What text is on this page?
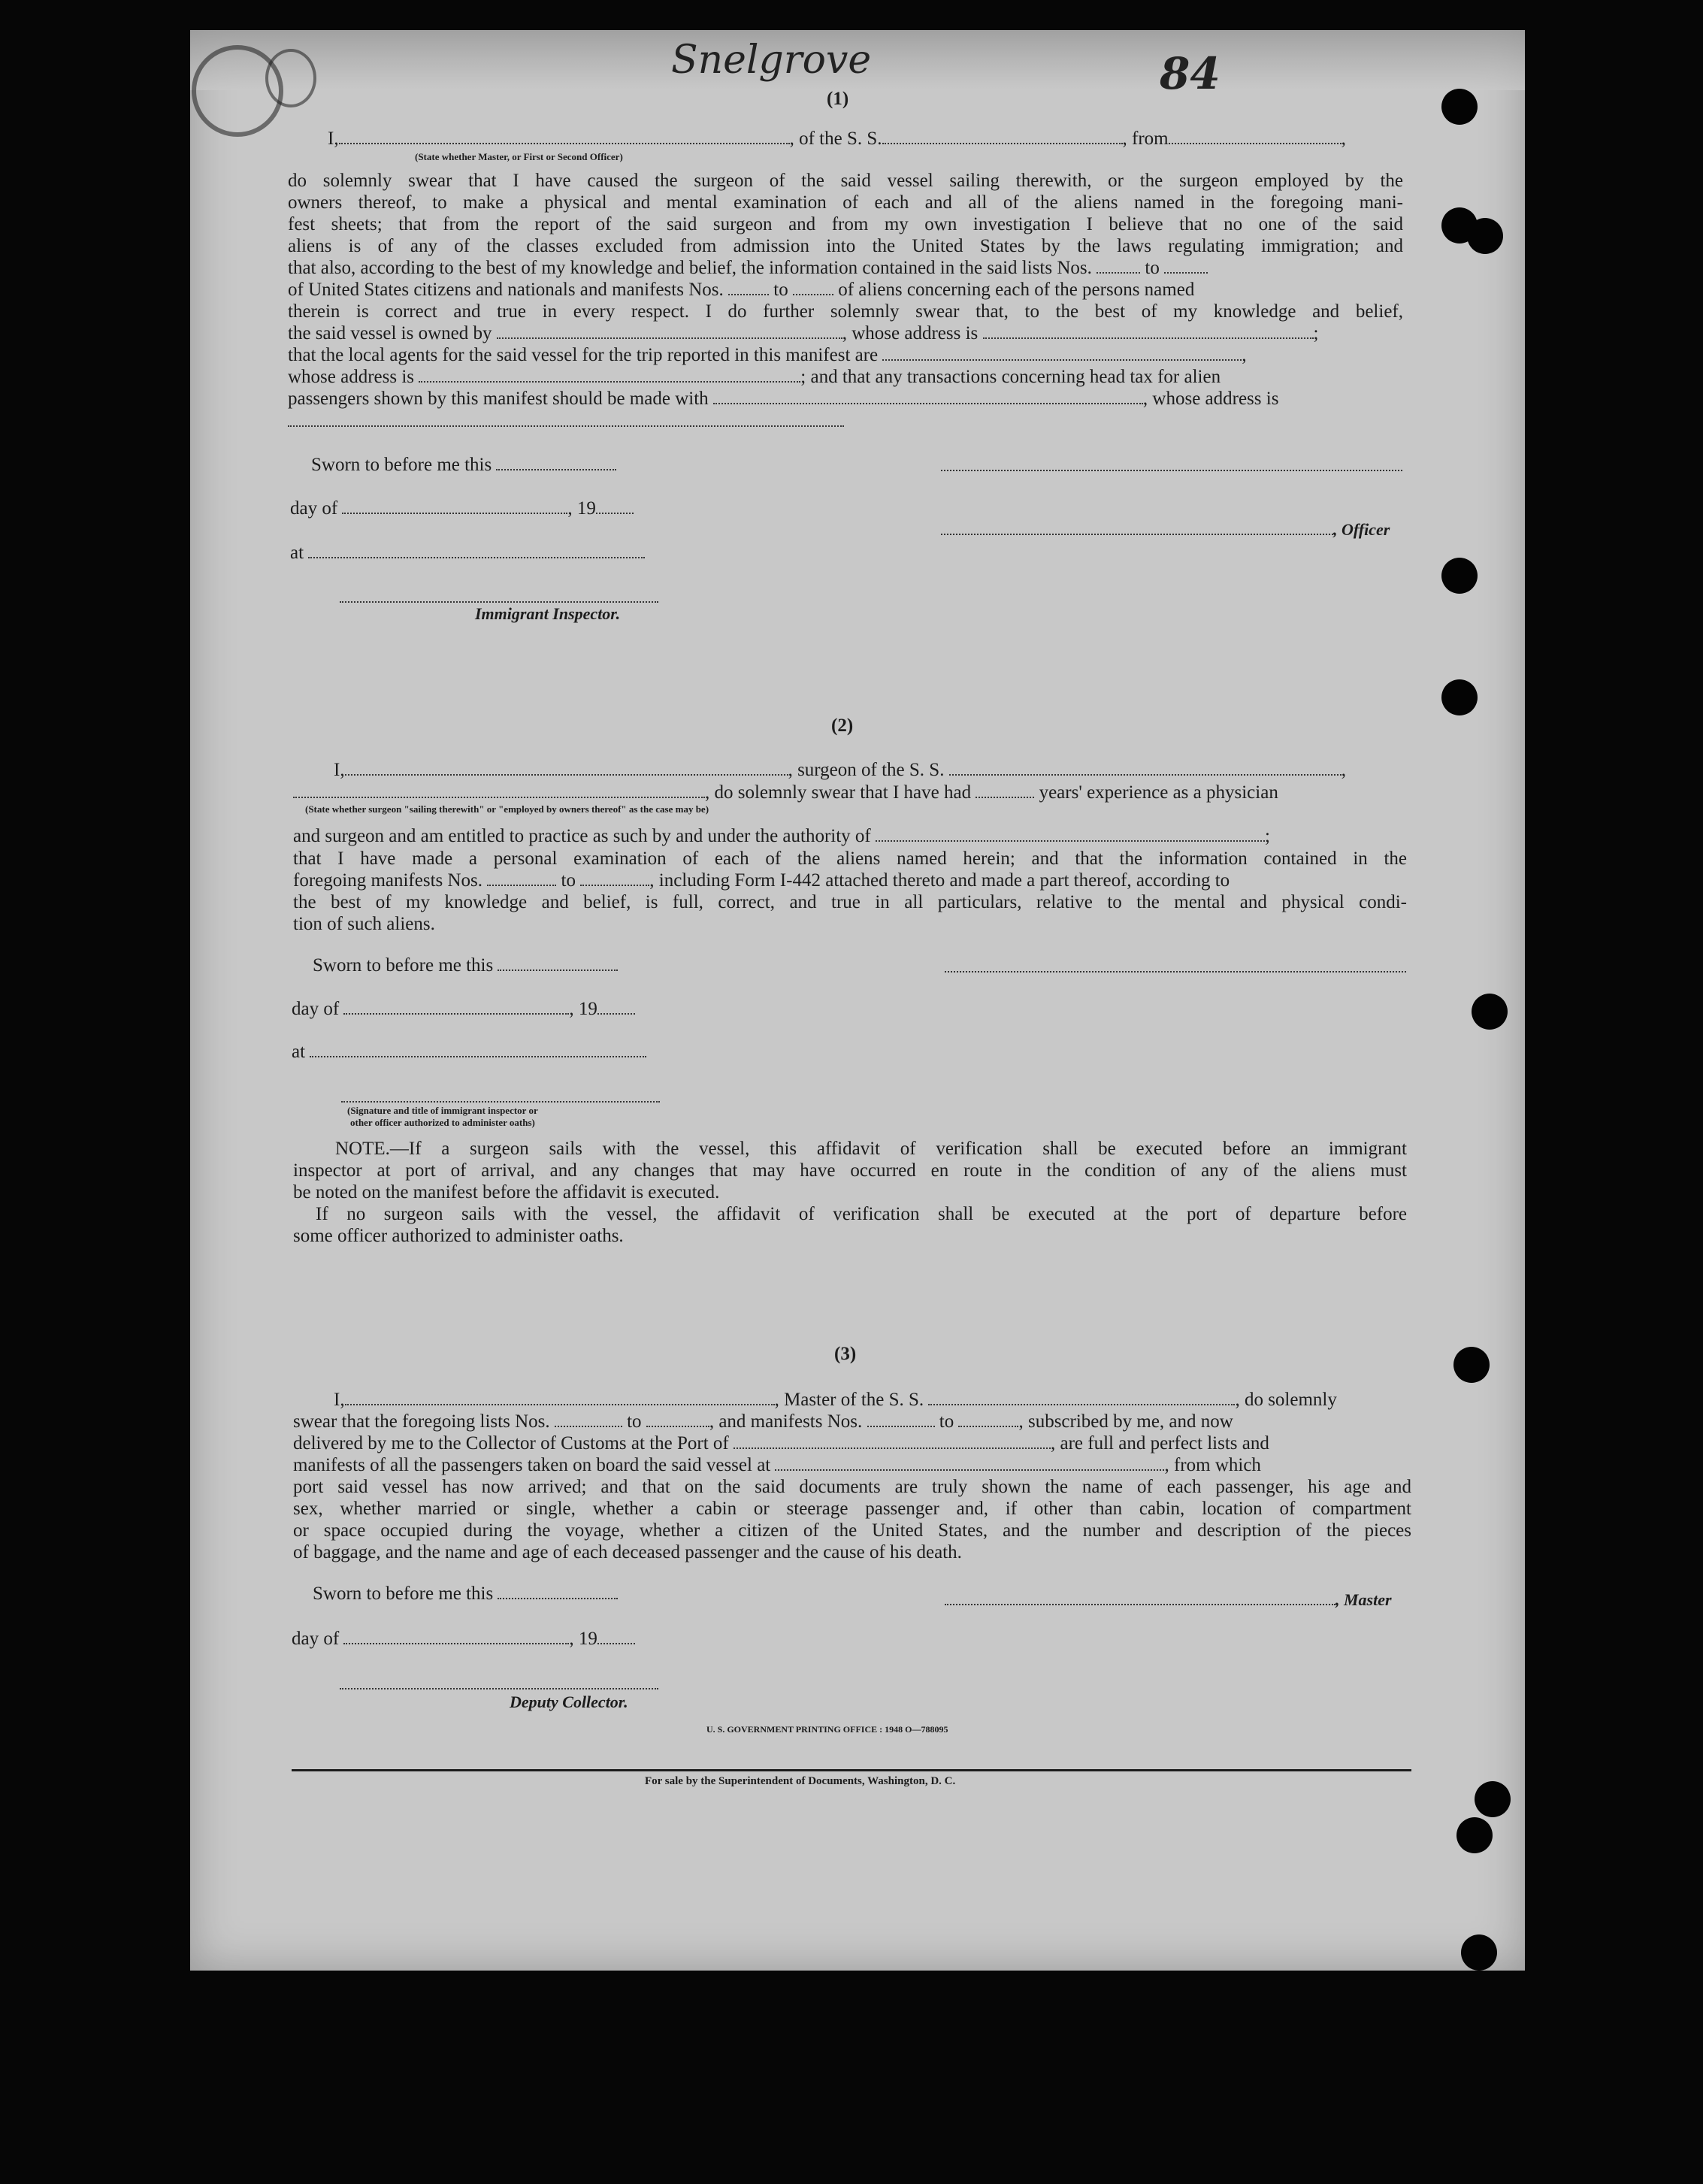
Snelgrove	84
(1)
I,	, of the S. S.	, from	,
(State whether Master, or First or Second Officer)
do solemnly swear that I have caused the surgeon of the said vessel sailing therewith, or the surgeon employed by the
owners thereof, to make a physical and mental examination of each and all of the aliens named in the foregoing mani-
fest sheets; that from the report of the said surgeon and from my own investigation I believe that no one of the said
aliens is of any of the classes excluded from admission into the United States by the laws regulating immigration; and
that also, according to the best of my knowledge and belief, the information contained in the said lists Nos.	to
of United States citizens and nationals and manifests Nos.	to	of aliens concerning each of the persons named
therein is correct and true in every respect. I do further solemnly swear that, to the best of my knowledge and belief,
the said vessel is owned by	, whose address is	;
that the local agents for the said vessel for the trip reported in this manifest are	,
whose address is	; and that any transactions concerning head tax for alien
passengers shown by this manifest should be made with	, whose address is
Sworn to before me this
day of	, 19
, Officer
at
Immigrant Inspector.
(2)
I,	, surgeon of the S. S.	,
, do solemnly swear that I have had	years' experience as a physician
(State whether surgeon "sailing therewith" or "employed by owners thereof" as the case may be)
and surgeon and am entitled to practice as such by and under the authority of	;
that I have made a personal examination of each of the aliens named herein; and that the information contained in the
foregoing manifests Nos.	to	, including Form I-442 attached thereto and made a part thereof, according to
the best of my knowledge and belief, is full, correct, and true in all particulars, relative to the mental and physical condi-
tion of such aliens.
Sworn to before me this
day of	, 19
at
(Signature and title of immigrant inspector or
other officer authorized to administer oaths)
NOTE.—If a surgeon sails with the vessel, this affidavit of verification shall be executed before an immigrant
inspector at port of arrival, and any changes that may have occurred en route in the condition of any of the aliens must
be noted on the manifest before the affidavit is executed.
If no surgeon sails with the vessel, the affidavit of verification shall be executed at the port of departure before
some officer authorized to administer oaths.
(3)
I,	, Master of the S. S.	, do solemnly
swear that the foregoing lists Nos.	to	, and manifests Nos.	to	, subscribed by me, and now
delivered by me to the Collector of Customs at the Port of	, are full and perfect lists and
manifests of all the passengers taken on board the said vessel at	, from which
port said vessel has now arrived; and that on the said documents are truly shown the name of each passenger, his age and
sex, whether married or single, whether a cabin or steerage passenger and, if other than cabin, location of compartment
or space occupied during the voyage, whether a citizen of the United States, and the number and description of the pieces
of baggage, and the name and age of each deceased passenger and the cause of his death.
Sworn to before me this	, Master
day of	, 19
Deputy Collector.
U. S. GOVERNMENT PRINTING OFFICE : 1948 O—788095
For sale by the Superintendent of Documents, Washington, D. C.
